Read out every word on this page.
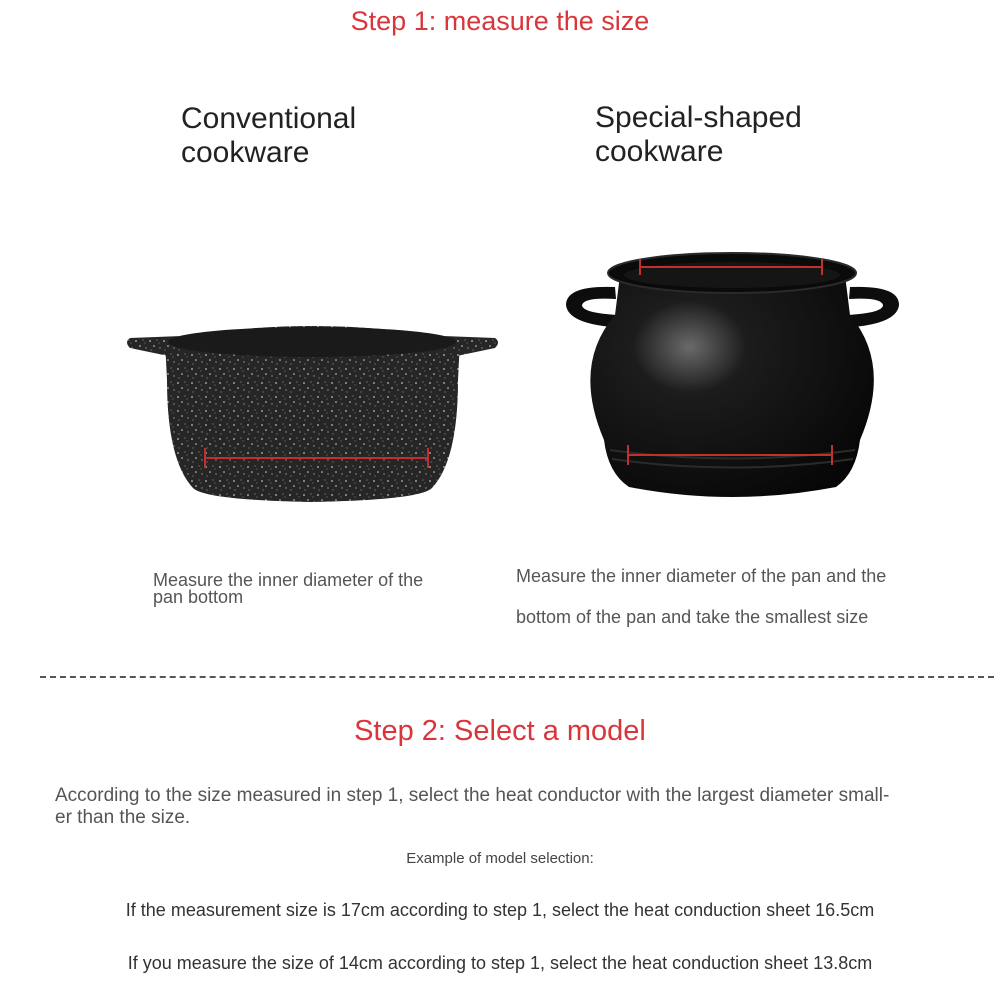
Step 1: measure the size
Conventional
cookware
Special-shaped
cookware
Measure the inner diameter of the
pan bottom
Measure the inner diameter of the pan and the
bottom of the pan and take the smallest size
Step 2: Select a model
According to the size measured in step 1, select the heat conductor with the largest diameter small-
er than the size.
Example of model selection:
If the measurement size is 17cm according to step 1, select the heat conduction sheet 16.5cm
If you measure the size of 14cm according to step 1, select the heat conduction sheet 13.8cm
